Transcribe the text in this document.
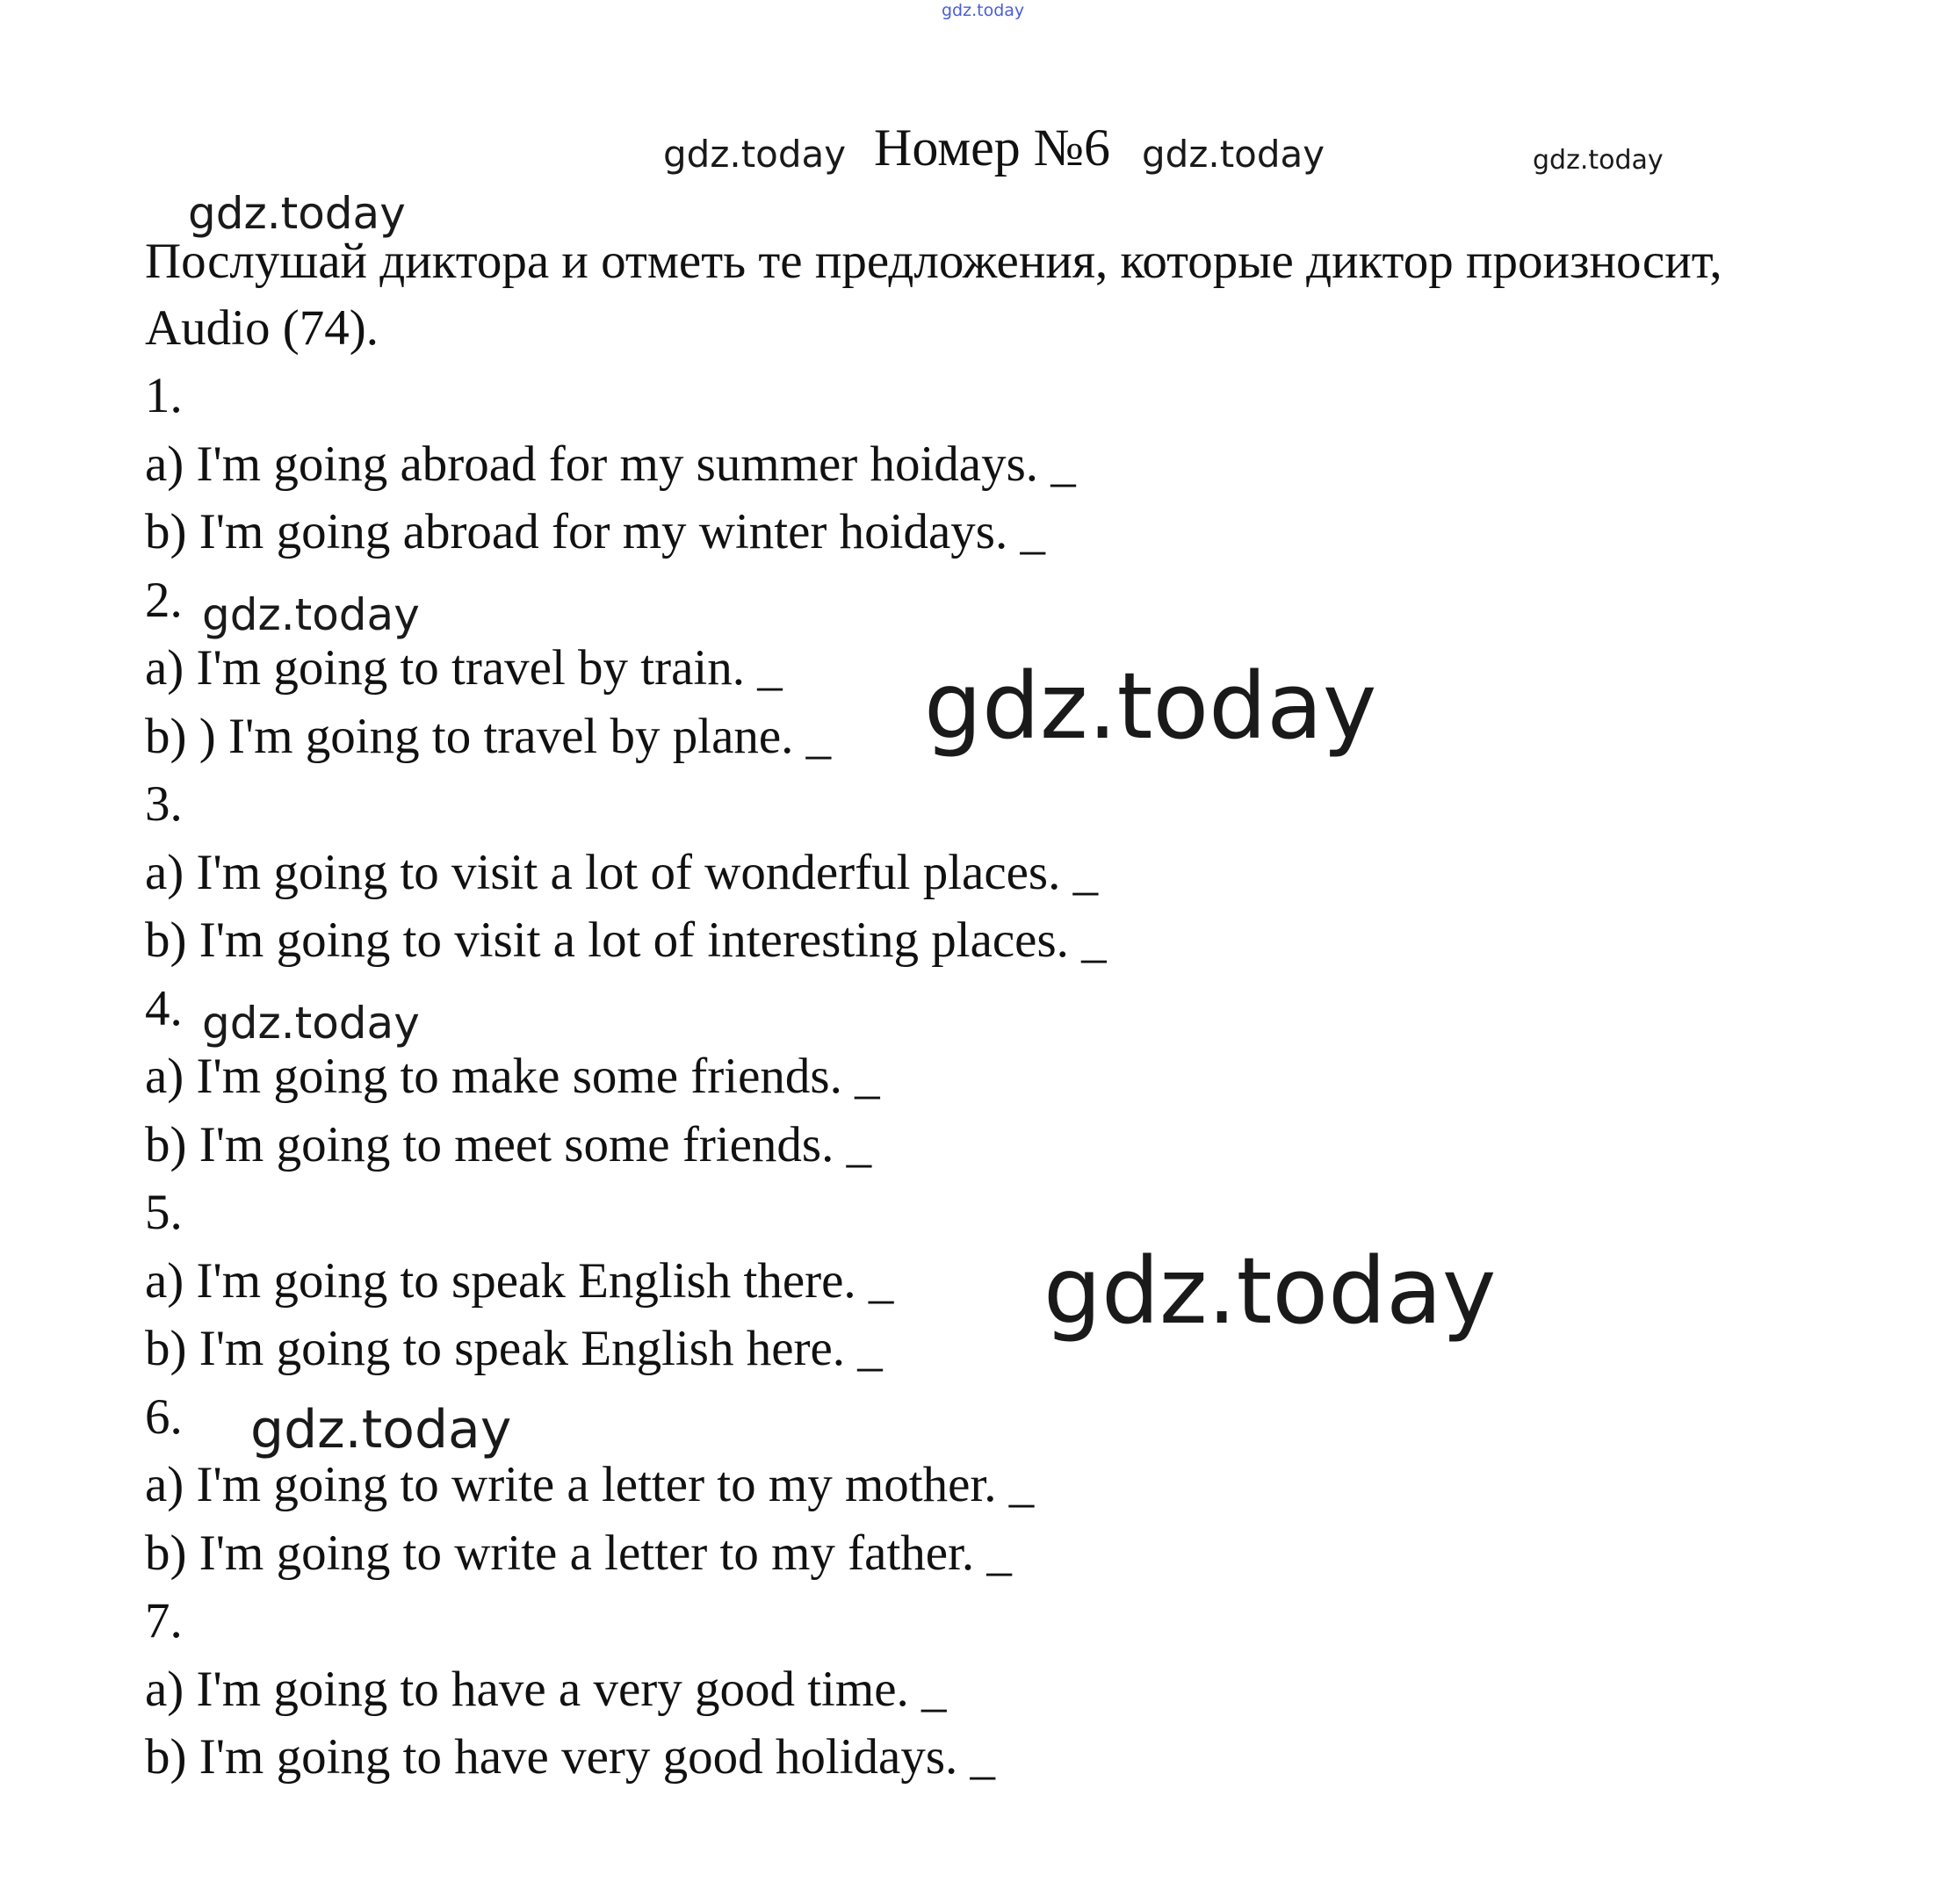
gdz.today
gdz.today Номер №6 gdz.today	gdz.today
gdz.today

Послушай диктора и отметь те предложения, которые диктор произносит, Audio (74).

1.
a) I'm going abroad for my summer hoidays. _
b) I'm going abroad for my winter hoidays. _
2.
a) I'm going to travel by train. _
b) ) I'm going to travel by plane. _
3.
a) I'm going to visit a lot of wonderful places. _
b) I'm going to visit a lot of interesting places. _
4.
a) I'm going to make some friends. _
b) I'm going to meet some friends. _
5.
a) I'm going to speak English there. _
b) I'm going to speak English here. _
6.
a) I'm going to write a letter to my mother. _
b) I'm going to write a letter to my father. _
7.
a) I'm going to have a very good time. _
b) I'm going to have very good holidays. _
gdz.today
gdz.today
gdz.today
gdz.today
gdz.today
